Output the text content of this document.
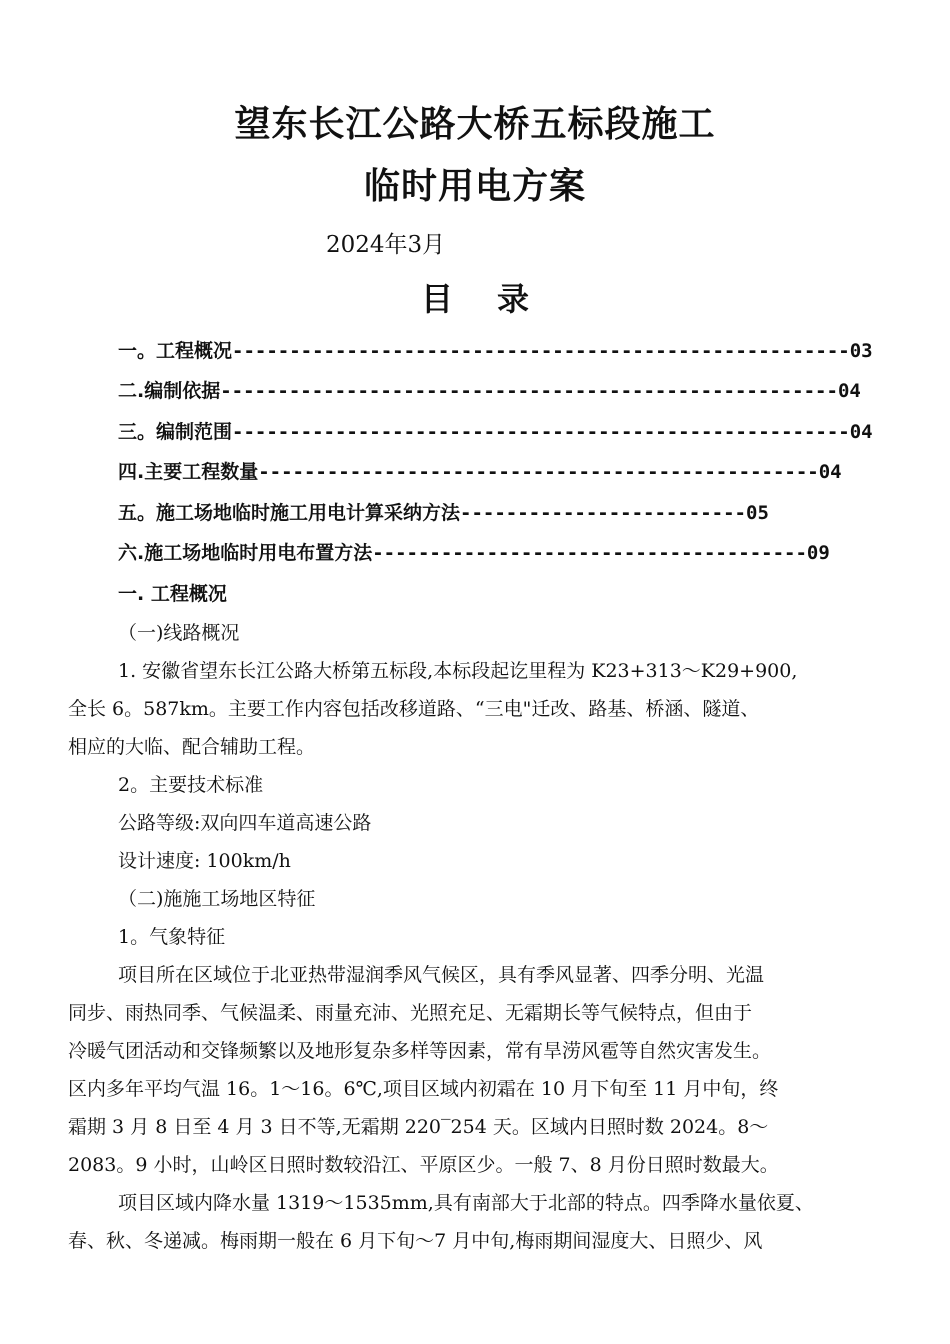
望东长江公路大桥五标段施工
临时用电方案
2024年3月
目 录
一。工程概况------------------------------------------------------03
二.编制依据------------------------------------------------------04
三。编制范围------------------------------------------------------04
四.主要工程数量-------------------------------------------------04
五。施工场地临时施工用电计算采纳方法-------------------------05
六.施工场地临时用电布置方法--------------------------------------09
一. 工程概况
（一)线路概况
1. 安徽省望东长江公路大桥第五标段,本标段起讫里程为 K23+313～K29+900,
全长 6。587km。主要工作内容包括改移道路、“三电"迁改、路基、桥涵、隧道、
相应的大临、配合辅助工程。
2。主要技术标准
公路等级:双向四车道高速公路
设计速度: 100km/h
（二)施施工场地区特征
1。气象特征
项目所在区域位于北亚热带湿润季风气候区，具有季风显著、四季分明、光温
同步、雨热同季、气候温柔、雨量充沛、光照充足、无霜期长等气候特点，但由于
冷暖气团活动和交锋频繁以及地形复杂多样等因素，常有旱涝风雹等自然灾害发生。
区内多年平均气温 16。1～16。6℃,项目区域内初霜在 10 月下旬至 11 月中旬，终
霜期 3 月 8 日至 4 月 3 日不等,无霜期 220‾254 天。区域内日照时数 2024。8～
2083。9 小时，山岭区日照时数较沿江、平原区少。一般 7、8 月份日照时数最大。
项目区域内降水量 1319～1535mm,具有南部大于北部的特点。四季降水量依夏、
春、秋、冬递减。梅雨期一般在 6 月下旬～7 月中旬,梅雨期间湿度大、日照少、风
